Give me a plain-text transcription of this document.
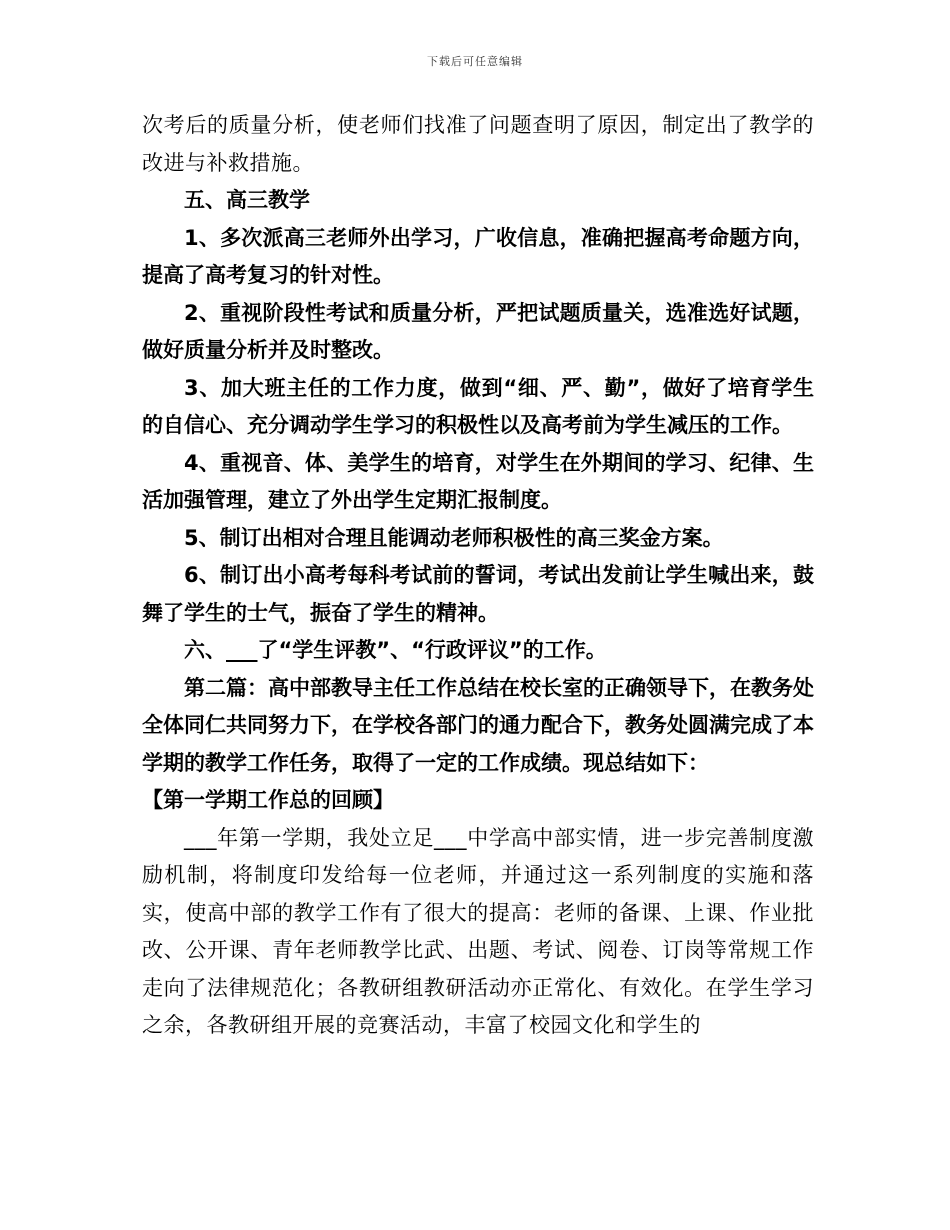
下载后可任意编辑

次考后的质量分析，使老师们找准了问题查明了原因，制定出了教学的改进与补救措施。

五、高三教学

1、多次派高三老师外出学习，广收信息，准确把握高考命题方向，提高了高考复习的针对性。

2、重视阶段性考试和质量分析，严把试题质量关，选准选好试题，做好质量分析并及时整改。

3、加大班主任的工作力度，做到“细、严、勤”，做好了培育学生的自信心、充分调动学生学习的积极性以及高考前为学生减压的工作。

4、重视音、体、美学生的培育，对学生在外期间的学习、纪律、生活加强管理，建立了外出学生定期汇报制度。

5、制订出相对合理且能调动老师积极性的高三奖金方案。

6、制订出小高考每科考试前的誓词，考试出发前让学生喊出来，鼓舞了学生的士气，振奋了学生的精神。

六、___了“学生评教”、“行政评议”的工作。

第二篇：高中部教导主任工作总结在校长室的正确领导下，在教务处全体同仁共同努力下，在学校各部门的通力配合下，教务处圆满完成了本学期的教学工作任务，取得了一定的工作成绩。现总结如下：

【第一学期工作总的回顾】

___年第一学期，我处立足___中学高中部实情，进一步完善制度激励机制，将制度印发给每一位老师，并通过这一系列制度的实施和落实，使高中部的教学工作有了很大的提高：老师的备课、上课、作业批改、公开课、青年老师教学比武、出题、考试、阅卷、订岗等常规工作走向了法律规范化；各教研组教研活动亦正常化、有效化。在学生学习之余，各教研组开展的竞赛活动，丰富了校园文化和学生的
